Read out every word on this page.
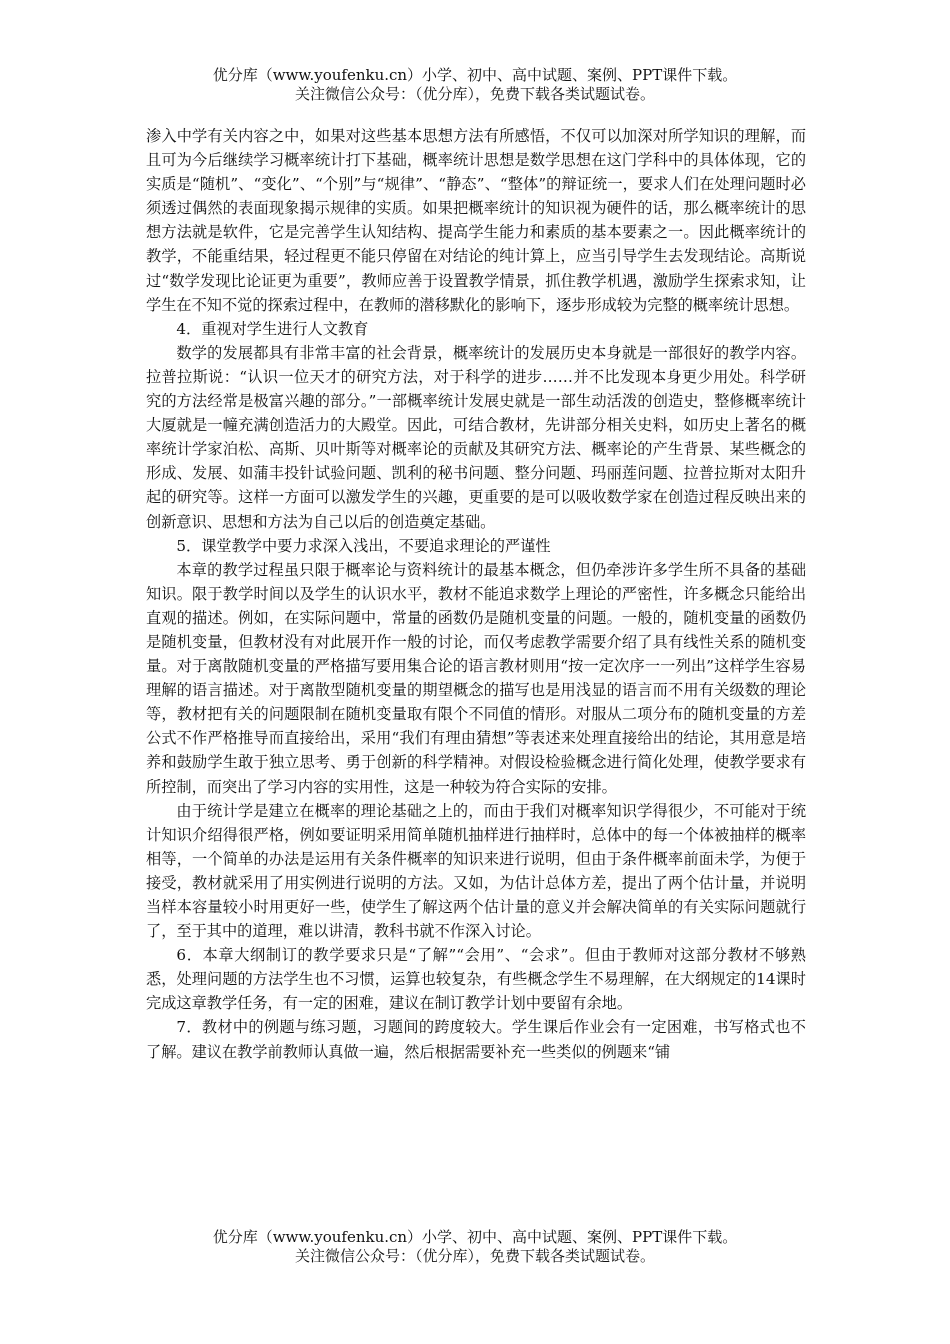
优分库（www.youfenku.cn）小学、初中、高中试题、案例、PPT课件下载。
关注微信公众号：（优分库），免费下载各类试题试卷。

渗入中学有关内容之中，如果对这些基本思想方法有所感悟，不仅可以加深对所学知识的理解，而且可为今后继续学习概率统计打下基础，概率统计思想是数学思想在这门学科中的具体体现，它的实质是“随机”、“变化”、“个别”与“规律”、“静态”、“整体”的辩证统一，要求人们在处理问题时必须透过偶然的表面现象揭示规律的实质。如果把概率统计的知识视为硬件的话，那么概率统计的思想方法就是软件，它是完善学生认知结构、提高学生能力和素质的基本要素之一。因此概率统计的教学，不能重结果，轻过程更不能只停留在对结论的纯计算上，应当引导学生去发现结论。高斯说过“数学发现比论证更为重要”，教师应善于设置教学情景，抓住教学机遇，激励学生探索求知，让学生在不知不觉的探索过程中，在教师的潜移默化的影响下，逐步形成较为完整的概率统计思想。

4．重视对学生进行人文教育

数学的发展都具有非常丰富的社会背景，概率统计的发展历史本身就是一部很好的教学内容。拉普拉斯说：“认识一位天才的研究方法，对于科学的进步……并不比发现本身更少用处。科学研究的方法经常是极富兴趣的部分。”一部概率统计发展史就是一部生动活泼的创造史，整修概率统计大厦就是一幢充满创造活力的大殿堂。因此，可结合教材，先讲部分相关史料，如历史上著名的概率统计学家泊松、高斯、贝叶斯等对概率论的贡献及其研究方法、概率论的产生背景、某些概念的形成、发展、如蒲丰投针试验问题、凯利的秘书问题、整分问题、玛丽莲问题、拉普拉斯对太阳升起的研究等。这样一方面可以激发学生的兴趣，更重要的是可以吸收数学家在创造过程反映出来的创新意识、思想和方法为自己以后的创造奠定基础。

5．课堂教学中要力求深入浅出，不要追求理论的严谨性

本章的教学过程虽只限于概率论与资料统计的最基本概念，但仍牵涉许多学生所不具备的基础知识。限于教学时间以及学生的认识水平，教材不能追求数学上理论的严密性，许多概念只能给出直观的描述。例如，在实际问题中，常量的函数仍是随机变量的问题。一般的，随机变量的函数仍是随机变量，但教材没有对此展开作一般的讨论，而仅考虑教学需要介绍了具有线性关系的随机变量。对于离散随机变量的严格描写要用集合论的语言教材则用“按一定次序一一列出”这样学生容易理解的语言描述。对于离散型随机变量的期望概念的描写也是用浅显的语言而不用有关级数的理论等，教材把有关的问题限制在随机变量取有限个不同值的情形。对服从二项分布的随机变量的方差公式不作严格推导而直接给出，采用“我们有理由猜想”等表述来处理直接给出的结论，其用意是培养和鼓励学生敢于独立思考、勇于创新的科学精神。对假设检验概念进行简化处理，使教学要求有所控制，而突出了学习内容的实用性，这是一种较为符合实际的安排。

由于统计学是建立在概率的理论基础之上的，而由于我们对概率知识学得很少，不可能对于统计知识介绍得很严格，例如要证明采用简单随机抽样进行抽样时，总体中的每一个体被抽样的概率相等，一个简单的办法是运用有关条件概率的知识来进行说明，但由于条件概率前面未学，为便于接受，教材就采用了用实例进行说明的方法。又如，为估计总体方差，提出了两个估计量，并说明当样本容量较小时用更好一些，使学生了解这两个估计量的意义并会解决简单的有关实际问题就行了，至于其中的道理，难以讲清，教科书就不作深入讨论。

6．本章大纲制订的教学要求只是“了解”“会用”、“会求”。但由于教师对这部分教材不够熟悉，处理问题的方法学生也不习惯，运算也较复杂，有些概念学生不易理解，在大纲规定的14课时完成这章教学任务，有一定的困难，建议在制订教学计划中要留有余地。

7．教材中的例题与练习题，习题间的跨度较大。学生课后作业会有一定困难，书写格式也不了解。建议在教学前教师认真做一遍，然后根据需要补充一些类似的例题来“铺

优分库（www.youfenku.cn）小学、初中、高中试题、案例、PPT课件下载。
关注微信公众号：（优分库），免费下载各类试题试卷。
